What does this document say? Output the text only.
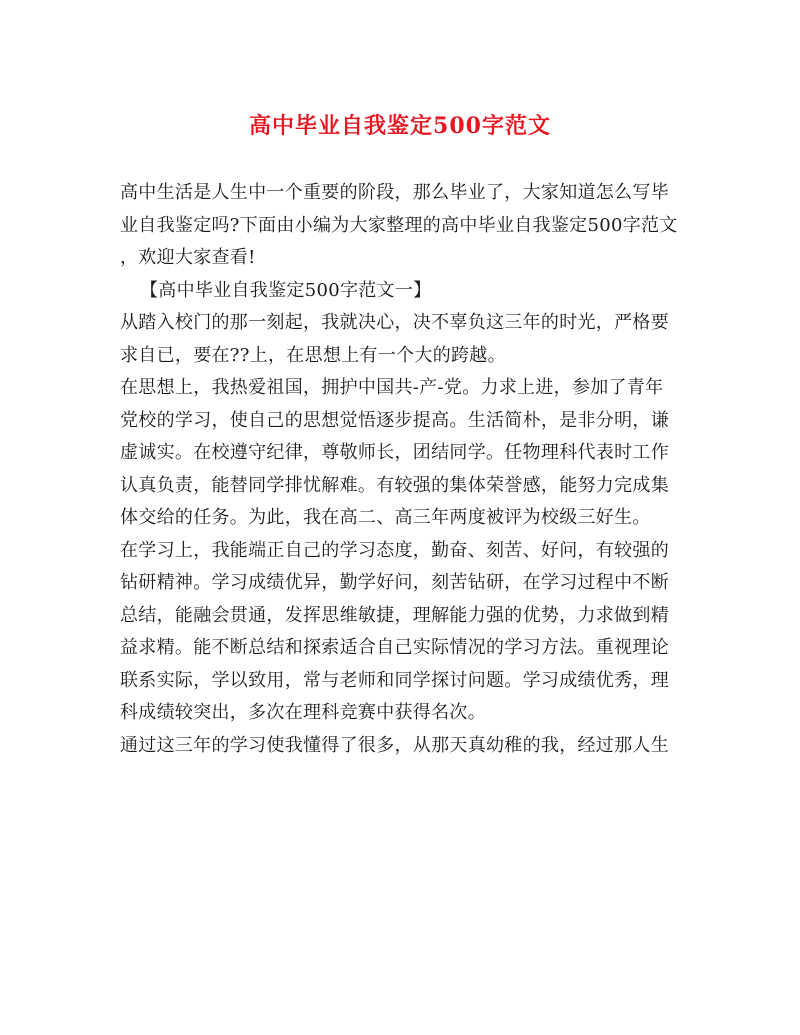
高中毕业自我鉴定500字范文
高中生活是人生中一个重要的阶段，那么毕业了，大家知道怎么写毕
业自我鉴定吗?下面由小编为大家整理的高中毕业自我鉴定500字范文
，欢迎大家查看!
【高中毕业自我鉴定500字范文一】
从踏入校门的那一刻起，我就决心，决不辜负这三年的时光，严格要
求自已，要在??上，在思想上有一个大的跨越。
在思想上，我热爱祖国，拥护中国共-产-党。力求上进，参加了青年
党校的学习，使自己的思想觉悟逐步提高。生活简朴，是非分明，谦
虚诚实。在校遵守纪律，尊敬师长，团结同学。任物理科代表时工作
认真负责，能替同学排忧解难。有较强的集体荣誉感，能努力完成集
体交给的任务。为此，我在高二、高三年两度被评为校级三好生。
在学习上，我能端正自己的学习态度，勤奋、刻苦、好问，有较强的
钻研精神。学习成绩优异，勤学好问，刻苦钻研，在学习过程中不断
总结，能融会贯通，发挥思维敏捷，理解能力强的优势，力求做到精
益求精。能不断总结和探索适合自己实际情况的学习方法。重视理论
联系实际，学以致用，常与老师和同学探讨问题。学习成绩优秀，理
科成绩较突出，多次在理科竞赛中获得名次。
通过这三年的学习使我懂得了很多，从那天真幼稚的我，经过那人生
